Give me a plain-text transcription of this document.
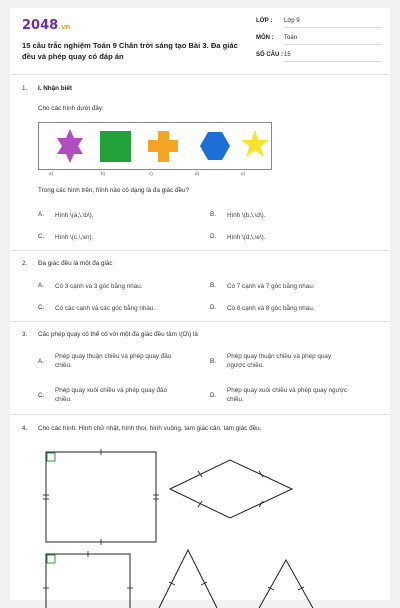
2048.vn
15 câu trắc nghiệm Toán 9 Chân trời sáng tạo Bài 3. Đa giác đều và phép quay có đáp án
LỚP : Lớp 9
MÔN : Toán
SỐ CÂU : 15
1. I. Nhận biết
Cho các hình dưới đây:
a)	b)	c)	d)	e)
Trong các hình trên, hình nào có dạng là đa giác đều?
A. Hình \(a,\,\b\).	B. Hình \(b,\,\d\).
C. Hình \(c,\,\e\).	D. Hình \(d,\,\e\).
2. Đa giác đều là một đa giác
A. Có 3 cạnh và 3 góc bằng nhau.	B. Có 7 cạnh và 7 góc bằng nhau.
C. Có các cạnh và các góc bằng nhau.	D. Có 8 cạnh và 8 góc bằng nhau.
3. Các phép quay có thể có với một đa giác đều tâm \(O\) là
A.
Phép quay thuận chiều và phép quay đảo
chiều.
B.
Phép quay thuận chiều và phép quay
ngược chiều.
C.
Phép quay xuôi chiều và phép quay đảo
chiều.
D.
Phép quay xuôi chiều và phép quay ngược
chiều.
4. Cho các hình: Hình chữ nhật, hình thoi, hình vuông, tam giác cân, tam giác đều.
